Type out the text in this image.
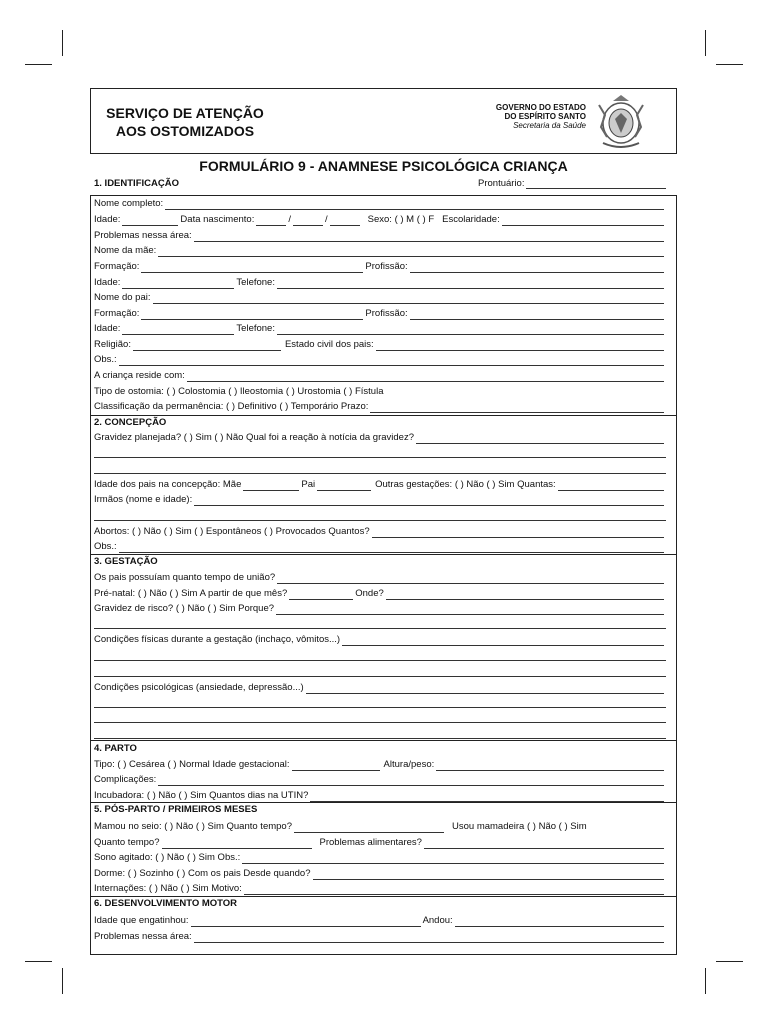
SERVIÇO DE ATENÇÃO
AOS OSTOMIZADOS
GOVERNO DO ESTADO
DO ESPÍRITO SANTO
Secretaria da Saúde
FORMULÁRIO 9 - ANAMNESE PSICOLÓGICA CRIANÇA
1. IDENTIFICAÇÃO	Prontuário:
Nome completo:
Idade:	Data nascimento:	/	/	Sexo: ( ) M ( ) F Escolaridade:
Problemas nessa área:
Nome da mãe:
Formação:	Profissão:
Idade:	Telefone:
Nome do pai:
Formação:	Profissão:
Idade:	Telefone:
Religião:	Estado civil dos pais:
Obs.:
A criança reside com:
Tipo de ostomia: ( ) Colostomia ( ) Ileostomia ( ) Urostomia ( ) Fístula
Classificação da permanência: ( ) Definitivo ( ) Temporário Prazo:
2. CONCEPÇÃO
Gravidez planejada? ( ) Sim ( ) Não Qual foi a reação à notícia da gravidez?
Idade dos pais na concepção: Mãe	Pai	Outras gestações: ( ) Não ( ) Sim Quantas:
Irmãos (nome e idade):
Abortos: ( ) Não ( ) Sim ( ) Espontâneos ( ) Provocados Quantos?
Obs.:
3. GESTAÇÃO
Os pais possuíam quanto tempo de união?
Pré-natal: ( ) Não ( ) Sim A partir de que mês?	Onde?
Gravidez de risco? ( ) Não ( ) Sim Porque?
Condições físicas durante a gestação (inchaço, vômitos...)
Condições psicológicas (ansiedade, depressão...)
4. PARTO
Tipo: ( ) Cesárea ( ) Normal Idade gestacional:	Altura/peso:
Complicações:
Incubadora: ( ) Não ( ) Sim Quantos dias na UTIN?
5. PÓS-PARTO / PRIMEIROS MESES
Mamou no seio: ( ) Não ( ) Sim Quanto tempo?	Usou mamadeira ( ) Não ( ) Sim
Quanto tempo?	Problemas alimentares?
Sono agitado: ( ) Não ( ) Sim Obs.:
Dorme: ( ) Sozinho ( ) Com os pais Desde quando?
Internações: ( ) Não ( ) Sim Motivo:
6. DESENVOLVIMENTO MOTOR
Idade que engatinhou:	Andou:
Problemas nessa área:
